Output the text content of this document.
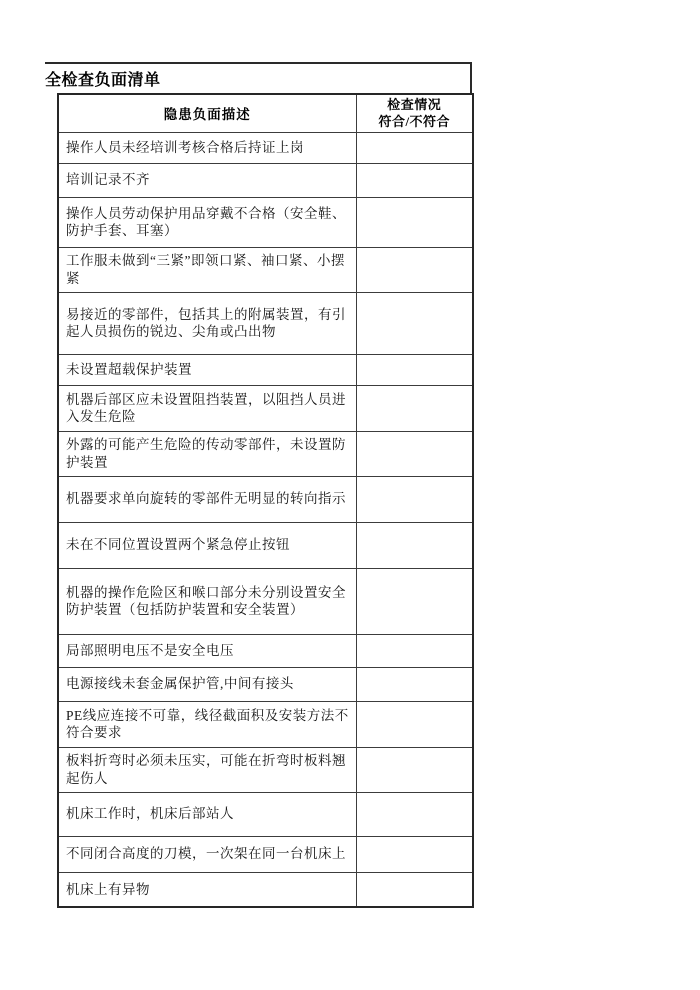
全检查负面清单
隐患负面描述	检查情况
符合/不符合

操作人员未经培训考核合格后持证上岗	
培训记录不齐	
操作人员劳动保护用品穿戴不合格（安全鞋、防护手套、耳塞）	
工作服未做到“三紧”即领口紧、袖口紧、小摆紧	
易接近的零部件，包括其上的附属装置，有引起人员损伤的锐边、尖角或凸出物	
未设置超载保护装置	
机器后部区应未设置阻挡装置，以阻挡人员进入发生危险	
外露的可能产生危险的传动零部件，未设置防护装置	
机器要求单向旋转的零部件无明显的转向指示	
未在不同位置设置两个紧急停止按钮	
机器的操作危险区和喉口部分未分别设置安全防护装置（包括防护装置和安全装置）	
局部照明电压不是安全电压	
电源接线未套金属保护管,中间有接头	
PE线应连接不可靠，线径截面积及安装方法不符合要求	
板料折弯时必须未压实，可能在折弯时板料翘起伤人	
机床工作时，机床后部站人	
不同闭合高度的刀模，一次架在同一台机床上	
机床上有异物	
